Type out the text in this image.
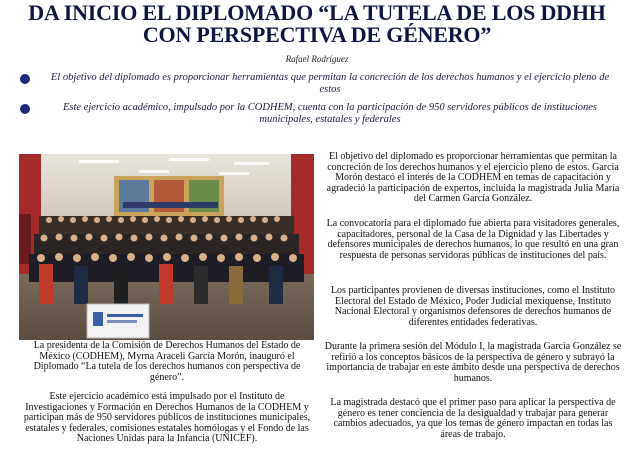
DA INICIO EL DIPLOMADO “LA TUTELA DE LOS DDHH
CON PERSPECTIVA DE GÉNERO”
Rafael Rodríguez
El objetivo del diplomado es proporcionar herramientas que permitan la concreción de los derechos humanos y el ejercicio pleno de estos
Este ejercicio académico, impulsado por la CODHEM, cuenta con la participación de 950 servidores públicos de instituciones municipales, estatales y federales

La presidenta de la Comisión de Derechos Humanos del Estado de México (CODHEM), Myrna Araceli García Morón, inauguró el Diplomado “La tutela de los derechos humanos con perspectiva de género”.

Este ejercicio académico está impulsado por el Instituto de Investigaciones y Formación en Derechos Humanos de la CODHEM y participan más de 950 servidores públicos de instituciones municipales, estatales y federales, comisiones estatales homólogas y el Fondo de las Naciones Unidas para la Infancia (UNICEF).

El objetivo del diplomado es proporcionar herramientas que permitan la concreción de los derechos humanos y el ejercicio pleno de estos. García Morón destacó el interés de la CODHEM en temas de capacitación y agradeció la participación de expertos, incluida la magistrada Julia María del Carmen García González.

La convocatoria para el diplomado fue abierta para visitadores generales, capacitadores, personal de la Casa de la Dignidad y las Libertades y defensores municipales de derechos humanos, lo que resultó en una gran respuesta de personas servidoras públicas de instituciones del país.

Los participantes provienen de diversas instituciones, como el Instituto Electoral del Estado de México, Poder Judicial mexiquense, Instituto Nacional Electoral y organismos defensores de derechos humanos de diferentes entidades federativas.

Durante la primera sesión del Módulo I, la magistrada García González se refirió a los conceptos básicos de la perspectiva de género y subrayó la importancia de trabajar en este ámbito desde una perspectiva de derechos humanos.

La magistrada destacó que el primer paso para aplicar la perspectiva de género es tener conciencia de la desigualdad y trabajar para generar cambios adecuados, ya que los temas de género impactan en todas las áreas de trabajo.
